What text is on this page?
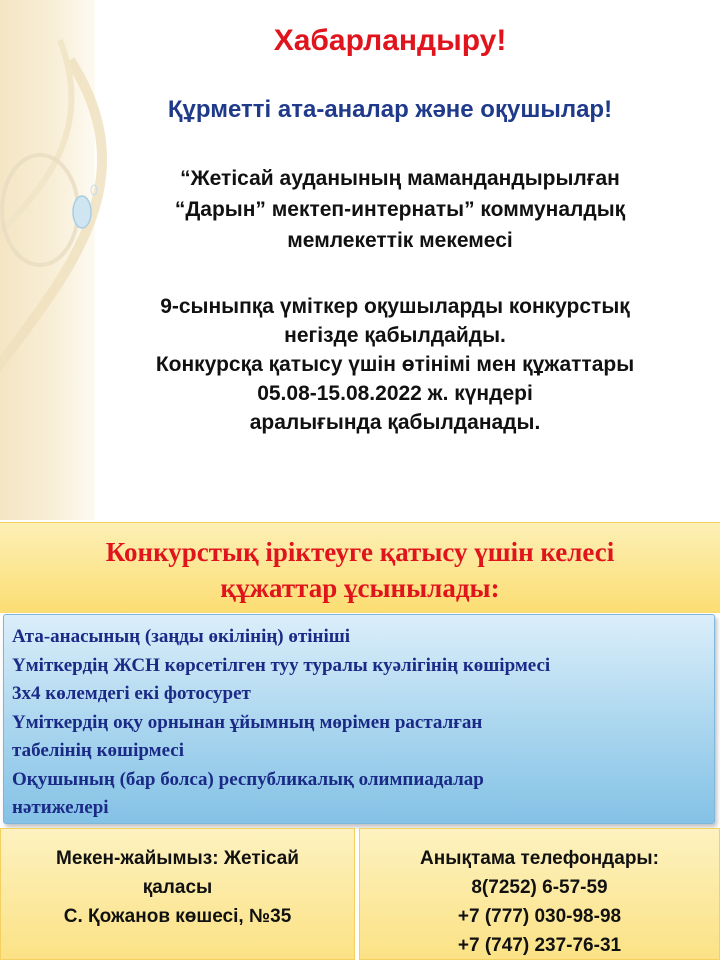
Хабарландыру!
Құрметті ата-аналар және оқушылар!
“Жетісай ауданының мамандандырылған
“Дарын” мектеп-интернаты” коммуналдық
мемлекеттік мекемесі
9-сыныпқа үміткер оқушыларды конкурстық
негізде қабылдайды.
Конкурсқа қатысу үшін өтінімі мен құжаттары
05.08-15.08.2022 ж. күндері
аралығында қабылданады.
Конкурстық іріктеуге қатысу үшін келесі
құжаттар ұсынылады:
Ата-анасының (заңды өкілінің) өтініші
Үміткердің ЖСН көрсетілген туу туралы куәлігінің көшірмесі
3х4 көлемдегі екі фотосурет
Үміткердің оқу орнынан ұйымның мөрімен расталған
табелінің көшірмесі
Оқушының (бар болса) республикалық олимпиадалар
нәтижелері
Мекен-жайымыз: Жетісай
қаласы
С. Қожанов көшесі, №35
Анықтама телефондары:
8(7252) 6-57-59
+7 (777) 030-98-98
+7 (747) 237-76-31
